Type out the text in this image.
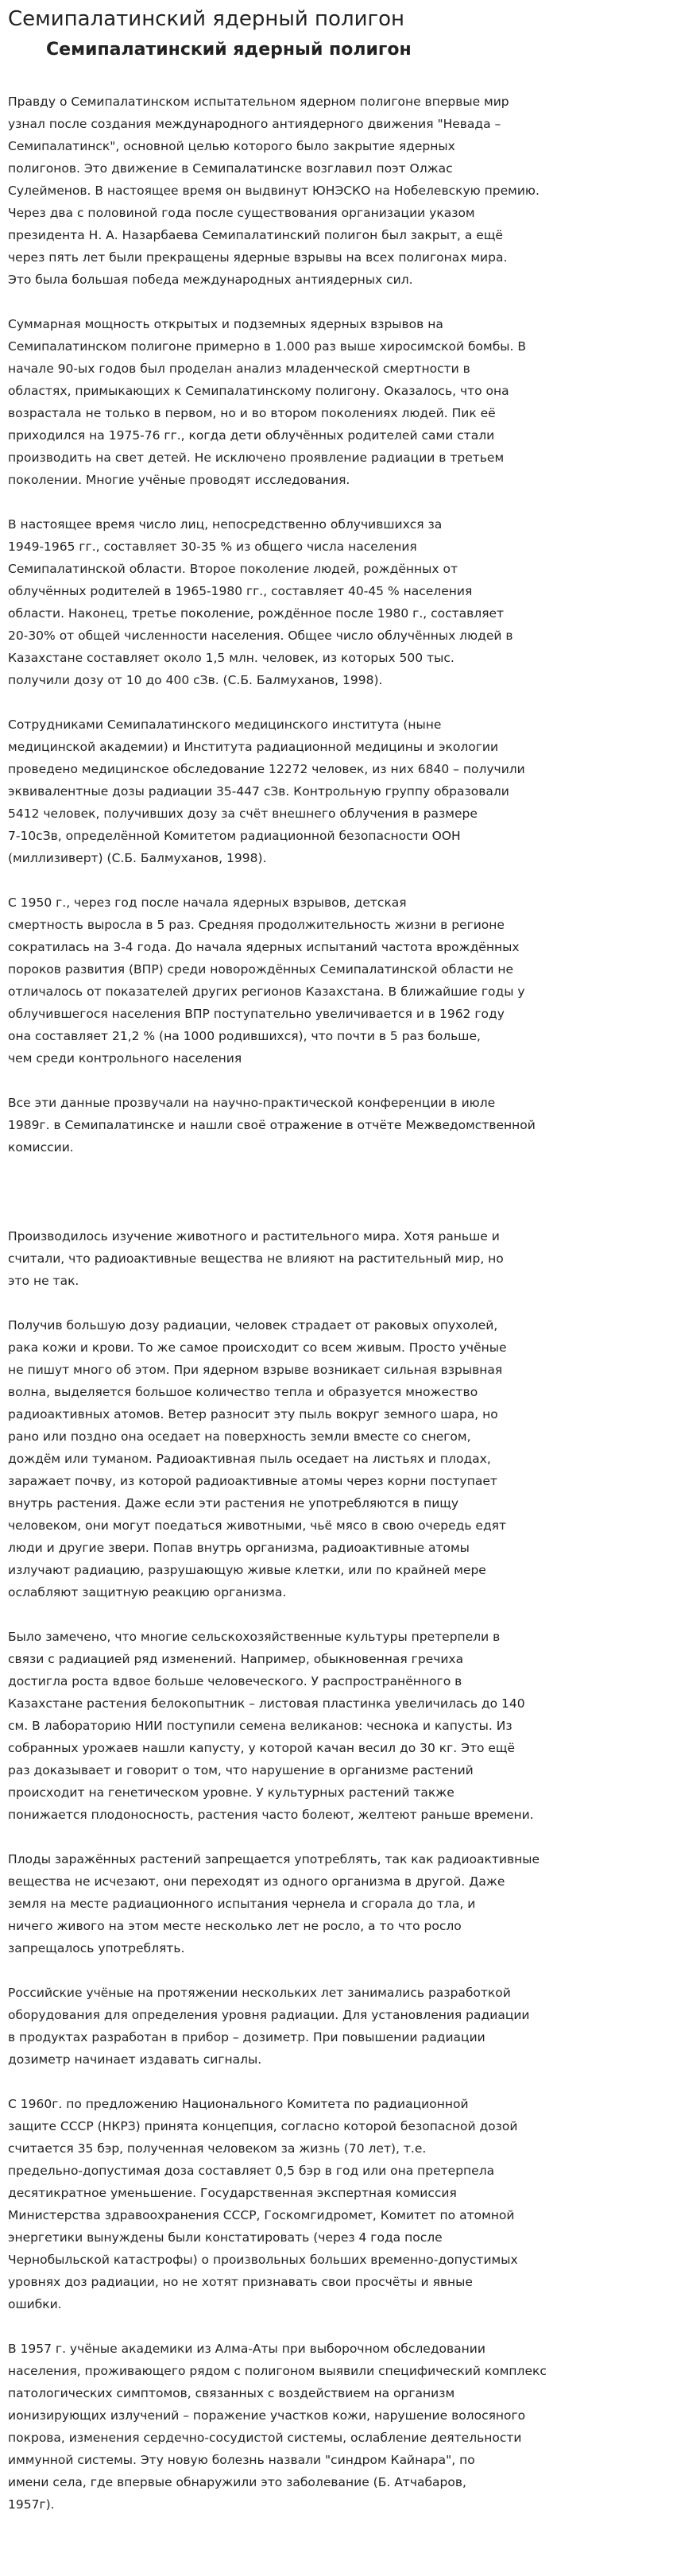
Семипалатинский ядерный полигон
Семипалатинский ядерный полигон

Правду о Семипалатинском испытательном ядерном полигоне впервые мир
узнал после создания международного антиядерного движения "Невада –
Семипалатинск", основной целью которого было закрытие ядерных
полигонов. Это движение в Семипалатинске возглавил поэт Олжас
Сулейменов. В настоящее время он выдвинут ЮНЭСКО на Нобелевскую премию.
Через два с половиной года после существования организации указом
президента Н. А. Назарбаева Семипалатинский полигон был закрыт, а ещё
через пять лет были прекращены ядерные взрывы на всех полигонах мира.
Это была большая победа международных антиядерных сил.

Суммарная мощность открытых и подземных ядерных взрывов на
Семипалатинском полигоне примерно в 1.000 раз выше хиросимской бомбы. В
начале 90-ых годов был проделан анализ младенческой смертности в
областях, примыкающих к Семипалатинскому полигону. Оказалось, что она
возрастала не только в первом, но и во втором поколениях людей. Пик её
приходился на 1975-76 гг., когда дети облучённых родителей сами стали
производить на свет детей. Не исключено проявление радиации в третьем
поколении. Многие учёные проводят исследования.

В настоящее время число лиц, непосредственно облучившихся за
1949-1965 гг., составляет 30-35 % из общего числа населения
Семипалатинской области. Второе поколение людей, рождённых от
облучённых родителей в 1965-1980 гг., составляет 40-45 % населения
области. Наконец, третье поколение, рождённое после 1980 г., составляет
20-30% от общей численности населения. Общее число облучённых людей в
Казахстане составляет около 1,5 млн. человек, из которых 500 тыс.
получили дозу от 10 до 400 сЗв. (С.Б. Балмуханов, 1998).

Сотрудниками Семипалатинского медицинского института (ныне
медицинской академии) и Института радиационной медицины и экологии
проведено медицинское обследование 12272 человек, из них 6840 – получили
эквивалентные дозы радиации 35-447 сЗв. Контрольную группу образовали
5412 человек, получивших дозу за счёт внешнего облучения в размере
7-10сЗв, определённой Комитетом радиационной безопасности ООН
(миллизиверт) (С.Б. Балмуханов, 1998).

С 1950 г., через год после начала ядерных взрывов, детская
смертность выросла в 5 раз. Средняя продолжительность жизни в регионе
сократилась на 3-4 года. До начала ядерных испытаний частота врождённых
пороков развития (ВПР) среди новорождённых Семипалатинской области не
отличалось от показателей других регионов Казахстана. В ближайшие годы у
облучившегося населения ВПР поступательно увеличивается и в 1962 году
она составляет 21,2 % (на 1000 родившихся), что почти в 5 раз больше,
чем среди контрольного населения

Все эти данные прозвучали на научно-практической конференции в июле
1989г. в Семипалатинске и нашли своё отражение в отчёте Межведомственной
комиссии.

Производилось изучение животного и растительного мира. Хотя раньше и
считали, что радиоактивные вещества не влияют на растительный мир, но
это не так.

Получив большую дозу радиации, человек страдает от раковых опухолей,
рака кожи и крови. То же самое происходит со всем живым. Просто учёные
не пишут много об этом. При ядерном взрыве возникает сильная взрывная
волна, выделяется большое количество тепла и образуется множество
радиоактивных атомов. Ветер разносит эту пыль вокруг земного шара, но
рано или поздно она оседает на поверхность земли вместе со снегом,
дождём или туманом. Радиоактивная пыль оседает на листьях и плодах,
заражает почву, из которой радиоактивные атомы через корни поступает
внутрь растения. Даже если эти растения не употребляются в пищу
человеком, они могут поедаться животными, чьё мясо в свою очередь едят
люди и другие звери. Попав внутрь организма, радиоактивные атомы
излучают радиацию, разрушающую живые клетки, или по крайней мере
ослабляют защитную реакцию организма.

Было замечено, что многие сельскохозяйственные культуры претерпели в
связи с радиацией ряд изменений. Например, обыкновенная гречиха
достигла роста вдвое больше человеческого. У распространённого в
Казахстане растения белокопытник – листовая пластинка увеличилась до 140
см. В лабораторию НИИ поступили семена великанов: чеснока и капусты. Из
собранных урожаев нашли капусту, у которой качан весил до 30 кг. Это ещё
раз доказывает и говорит о том, что нарушение в организме растений
происходит на генетическом уровне. У культурных растений также
понижается плодоносность, растения часто болеют, желтеют раньше времени.

Плоды заражённых растений запрещается употреблять, так как радиоактивные
вещества не исчезают, они переходят из одного организма в другой. Даже
земля на месте радиационного испытания чернела и сгорала до тла, и
ничего живого на этом месте несколько лет не росло, а то что росло
запрещалось употреблять.

Российские учёные на протяжении нескольких лет занимались разработкой
оборудования для определения уровня радиации. Для установления радиации
в продуктах разработан в прибор – дозиметр. При повышении радиации
дозиметр начинает издавать сигналы.

С 1960г. по предложению Национального Комитета по радиационной
защите СССР (НКРЗ) принята концепция, согласно которой безопасной дозой
считается 35 бэр, полученная человеком за жизнь (70 лет), т.е.
предельно-допустимая доза составляет 0,5 бэр в год или она претерпела
десятикратное уменьшение. Государственная экспертная комиссия
Министерства здравоохранения СССР, Госкомгидромет, Комитет по атомной
энергетики вынуждены были констатировать (через 4 года после
Чернобыльской катастрофы) о произвольных больших временно-допустимых
уровнях доз радиации, но не хотят признавать свои просчёты и явные
ошибки.

В 1957 г. учёные академики из Алма-Аты при выборочном обследовании
населения, проживающего рядом с полигоном выявили специфический комплекс
патологических симптомов, связанных с воздействием на организм
ионизирующих излучений – поражение участков кожи, нарушение волосяного
покрова, изменения сердечно-сосудистой системы, ослабление деятельности
иммунной системы. Эту новую болезнь назвали "синдром Кайнара", по
имени села, где впервые обнаружили это заболевание (Б. Атчабаров,
1957г).
